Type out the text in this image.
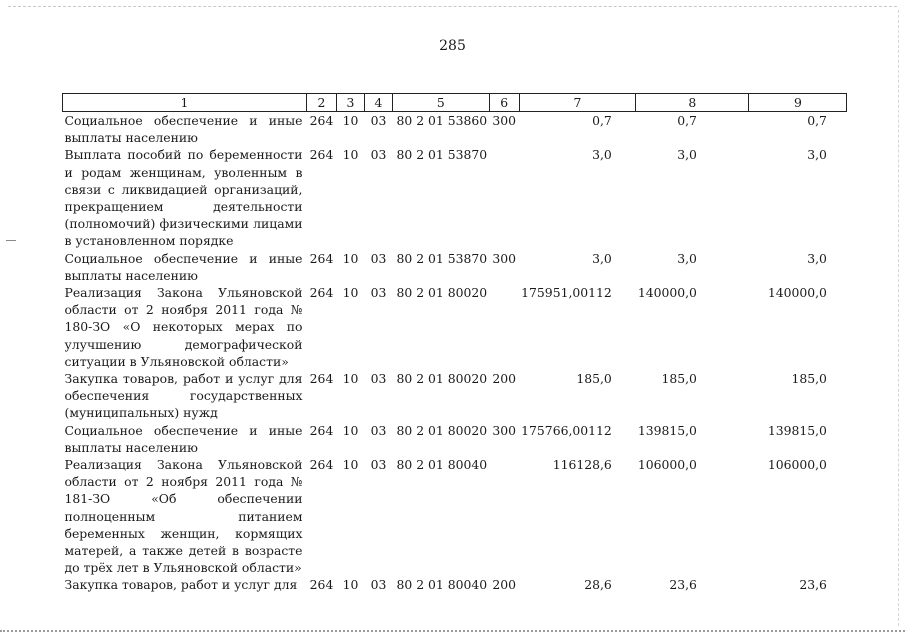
285
1	2	3	4	5	6	7	8	9
Социальное обеспечение и иные выплаты населению	264	10	03	80 2 01 53860	300	0,7	0,7	0,7
Выплата пособий по беременности и родам женщинам, уволенным в связи с ликвидацией организаций, прекращением деятельности (полномочий) физическими лицами в установленном порядке	264	10	03	80 2 01 53870		3,0	3,0	3,0
Социальное обеспечение и иные выплаты населению	264	10	03	80 2 01 53870	300	3,0	3,0	3,0
Реализация Закона Ульяновской области от 2 ноября 2011 года № 180-ЗО «О некоторых мерах по улучшению демографической ситуации в Ульяновской области»	264	10	03	80 2 01 80020		175951,00112	140000,0	140000,0
Закупка товаров, работ и услуг для обеспечения государственных (муниципальных) нужд	264	10	03	80 2 01 80020	200	185,0	185,0	185,0
Социальное обеспечение и иные выплаты населению	264	10	03	80 2 01 80020	300	175766,00112	139815,0	139815,0
Реализация Закона Ульяновской области от 2 ноября 2011 года № 181-ЗО «Об обеспечении полноценным питанием беременных женщин, кормящих матерей, а также детей в возрасте до трёх лет в Ульяновской области»	264	10	03	80 2 01 80040		116128,6	106000,0	106000,0
Закупка товаров, работ и услуг для	264	10	03	80 2 01 80040	200	28,6	23,6	23,6
